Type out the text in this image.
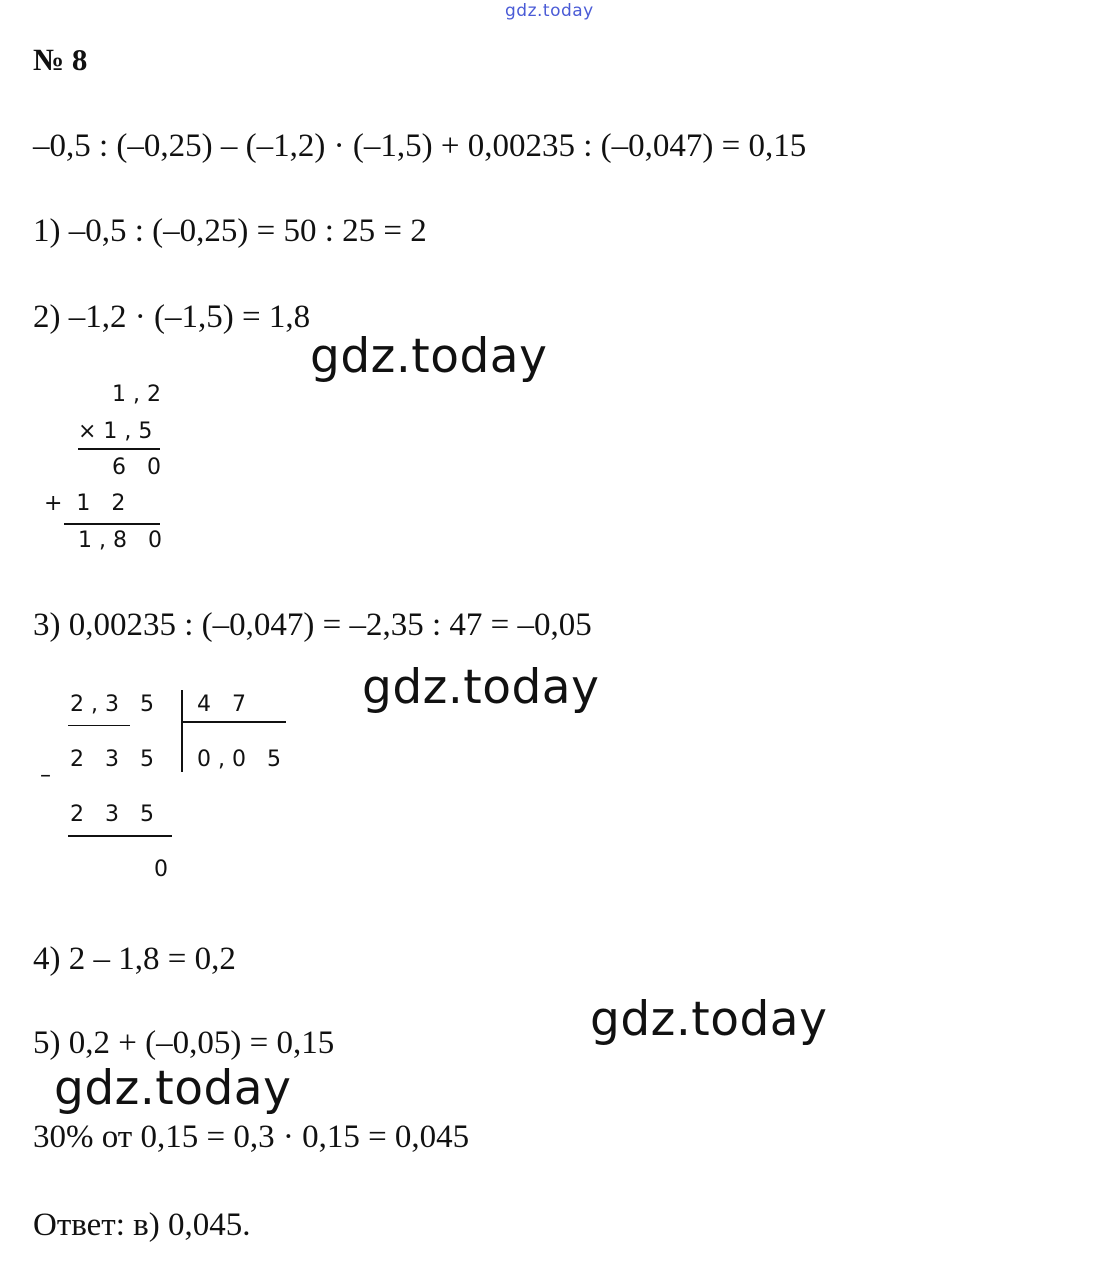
gdz.today
№ 8
–0,5 : (–0,25) – (–1,2) · (–1,5) + 0,00235 : (–0,047) = 0,15
1) –0,5 : (–0,25) = 50 : 25 = 2
2) –1,2 · (–1,5) = 1,8
gdz.today
1 , 2
× 1 , 5
6   0
+  1   2
1 , 8   0
3) 0,00235 : (–0,047) = –2,35 : 47 = –0,05
gdz.today
2 , 3   5 4   7
2   3   5 0 , 0   5
–
2   3   5
0
4) 2 – 1,8 = 0,2
gdz.today
5) 0,2 + (–0,05) = 0,15
gdz.today
30% от 0,15 = 0,3 · 0,15 = 0,045
Ответ: в) 0,045.
